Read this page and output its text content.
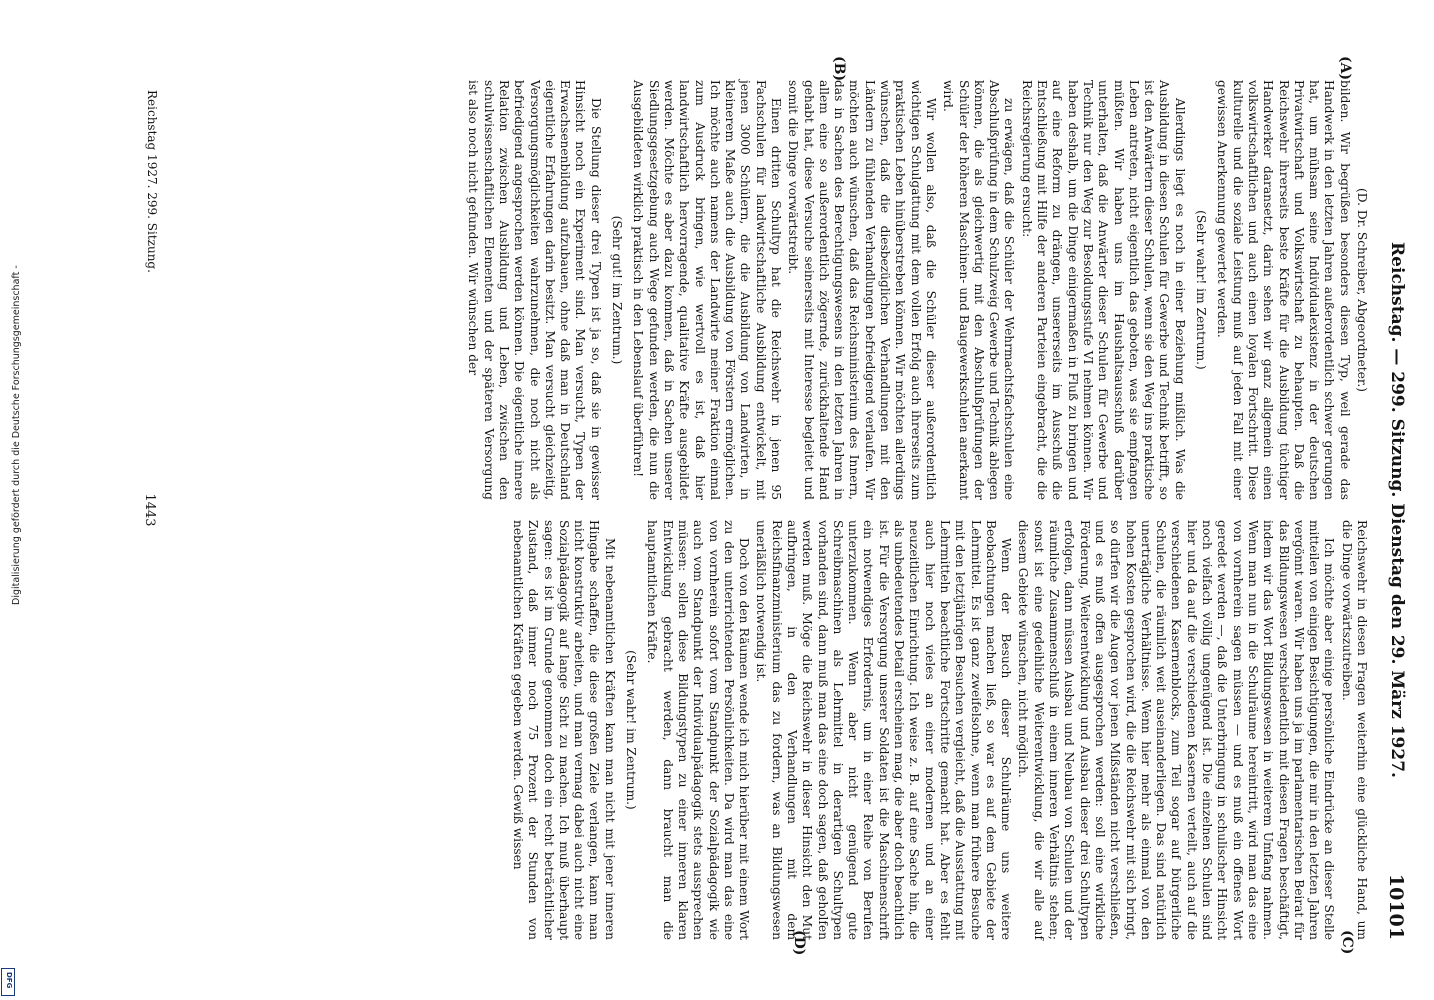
Digitalisierung gefördert durch die Deutsche Forschungsgemeinschaft -
DFG
Reichstag. — 299. Sitzung. Dienstag den 29. März 1927.
10101
(A)
(B)
(C)
(D)

(D. Dr. Schreiber, Abgeordneter.)

bilden. Wir begrüßen besonders diesen Typ, weil gerade das Handwerk in den letzten Jahren außerordentlich schwer gerungen hat, um mühsam seine Individualexistenz in der deutschen Privatwirtschaft und Volkswirtschaft zu behaupten. Daß die Reichswehr ihrerseits beste Kräfte für die Ausbildung tüchtiger Handwerker daransetzt, darin sehen wir ganz allgemein einen volkswirtschaftlichen und auch einen loyalen Fortschritt. Diese kulturelle und die soziale Leistung muß auf jeden Fall mit einer gewissen Anerkennung gewertet werden.

(Sehr wahr! im Zentrum.)

Allerdings liegt es noch in einer Beziehung mißlich. Was die Ausbildung in diesen Schulen für Gewerbe und Technik betrifft, so ist den Anwärtern dieser Schulen, wenn sie den Weg ins praktische Leben antreten, nicht eigentlich das geboten, was sie empfangen müßten. Wir haben uns im Haushaltsausschuß darüber unterhalten, daß die Anwärter dieser Schulen für Gewerbe und Technik nur den Weg zur Besoldungsstufe VI nehmen können. Wir haben deshalb, um die Dinge einigermaßen in Fluß zu bringen und auf eine Reform zu drängen, unsererseits im Ausschuß die Entschließung mit Hilfe der anderen Parteien eingebracht, die die Reichsregierung ersucht:

zu erwägen, daß die Schüler der Wehrmachtsfachschulen eine Abschlußprüfung in dem Schulzweig Gewerbe und Technik ablegen können, die als gleichwertig mit den Abschlußprüfungen der Schüler der höheren Maschinen- und Baugewerkschulen anerkannt wird.

Wir wollen also, daß die Schüler dieser außerordentlich wichtigen Schulgattung mit dem vollen Erfolg auch ihrerseits zum praktischen Leben hinüberstreben können. Wir möchten allerdings wünschen, daß die diesbezüglichen Verhandlungen mit den Ländern zu fühlenden Verhandlungen befriedigend verlaufen. Wir möchten auch wünschen, daß das Reichsministerium des Innern, das in Sachen des Berechtigungswesens in den letzten Jahren in allem eine so außerordentlich zögernde, zurückhaltende Hand gehabt hat, diese Versuche seinerseits mit Interesse begleitet und somit die Dinge vorwärtstreibt.

Einen dritten Schultyp hat die Reichswehr in jenen 95 Fachschulen für landwirtschaftliche Ausbildung entwickelt, mit jenen 3000 Schülern, die die Ausbildung von Landwirten, in kleinerem Maße auch die Ausbildung von Förstern ermöglichen. Ich möchte auch namens der Landwirte meiner Fraktion einmal zum Ausdruck bringen, wie wertvoll es ist, daß hier landwirtschaftlich hervorragende, qualitative Kräfte ausgebildet werden. Möchte es aber dazu kommen, daß in Sachen unserer Siedlungsgesetzgebung auch Wege gefunden werden, die nun die Ausgebildeten wirklich praktisch in den Lebenslauf überführen!

(Sehr gut! im Zentrum.)

Die Stellung dieser drei Typen ist ja so, daß sie in gewisser Hinsicht noch ein Experiment sind. Man versucht, Typen der Erwachsenenbildung aufzubauen, ohne daß man in Deutschland eigentliche Erfahrungen darin besitzt. Man versucht gleichzeitig, Versorgungsmöglichkeiten wahrzunehmen, die noch nicht als befriedigend angesprochen werden können. Die eigentliche innere Relation zwischen Ausbildung und Leben, zwischen den schulwissenschaftlichen Elementen und der späteren Versorgung ist also noch nicht gefunden. Wir wünschen der

Reichswehr in diesen Fragen weiterhin eine glückliche Hand, um die Dinge vorwärtszutreiben.

Ich möchte aber einige persönliche Eindrücke an dieser Stelle mitteilen von einigen Besichtigungen, die mir in den letzten Jahren vergönnt waren. Wir haben uns ja im parlamentarischen Beirat für das Bildungswesen verschiedentlich mit diesen Fragen beschäftigt, indem wir das Wort Bildungswesen in weiterem Umfang nahmen. Wenn man nun in die Schulräume hereintritt, wird man das eine von vornherein sagen müssen — und es muß ein offenes Wort geredet werden —, daß die Unterbringung in schulischer Hinsicht noch vielfach völlig ungenügend ist. Die einzelnen Schulen sind hier und da auf die verschiedenen Kasernen verteilt, auch auf die verschiedenen Kasernenblocks, zum Teil sogar auf bürgerliche Schulen, die räumlich weit auseinanderliegen. Das sind natürlich unerträgliche Verhältnisse. Wenn hier mehr als einmal von den hohen Kosten gesprochen wird, die die Reichswehr mit sich bringt, so dürfen wir die Augen vor jenen Mißständen nicht verschließen, und es muß offen ausgesprochen werden: soll eine wirkliche Förderung, Weiterentwicklung und Ausbau dieser drei Schultypen erfolgen, dann müssen Ausbau und Neubau von Schulen und der räumliche Zusammenschluß in einem inneren Verhältnis stehen; sonst ist eine gedeihliche Weiterentwicklung, die wir alle auf diesem Gebiete wünschen, nicht möglich.

Wenn der Besuch dieser Schulräume uns weitere Beobachtungen machen ließ, so war es auf dem Gebiete der Lehrmittel. Es ist ganz zweifelsohne, wenn man frühere Besuche mit den letztjährigen Besuchen vergleicht, daß die Ausstattung mit Lehrmitteln beachtliche Fortschritte gemacht hat. Aber es fehlt auch hier noch vieles an einer modernen und an einer neuzeitlichen Einrichtung. Ich weise z. B. auf eine Sache hin, die als unbedeutendes Detail erscheinen mag, die aber doch beachtlich ist. Für die Versorgung unserer Soldaten ist die Maschinenschrift ein notwendiges Erfordernis, um in einer Reihe von Berufen unterzukommen. Wenn aber nicht genügend gute Schreibmaschinen als Lehrmittel in derartigen Schultypen vorhanden sind, dann muß man das eine doch sagen, daß geholfen werden muß. Möge die Reichswehr in dieser Hinsicht den Mut aufbringen, in den Verhandlungen mit dem Reichsfinanzministerium das zu fordern, was an Bildungswesen unerläßlich notwendig ist.

Doch von den Räumen wende ich mich hierüber mit einem Wort zu den unterrichtenden Persönlichkeiten. Da wird man das eine von vornherein sofort vom Standpunkt der Sozialpädagogik wie auch vom Standpunkt der Individualpädagogik stets aussprechen müssen: sollen diese Bildungstypen zu einer inneren klaren Entwicklung gebracht werden, dann braucht man die hauptamtlichen Kräfte.

(Sehr wahr! im Zentrum.)

Mit nebenamtlichen Kräften kann man nicht mit jener inneren Hingabe schaffen, die diese großen Ziele verlangen, kann man nicht konstruktiv arbeiten, und man vermag dabei auch nicht eine Sozialpädagogik auf lange Sicht zu machen. Ich muß überhaupt sagen: es ist im Grunde genommen doch ein recht beträchtlicher Zustand, daß immer noch 75 Prozent der Stunden von nebenamtlichen Kräften gegeben werden. Gewiß wissen

Reichstag 1927. 299. Sitzung.
1443
